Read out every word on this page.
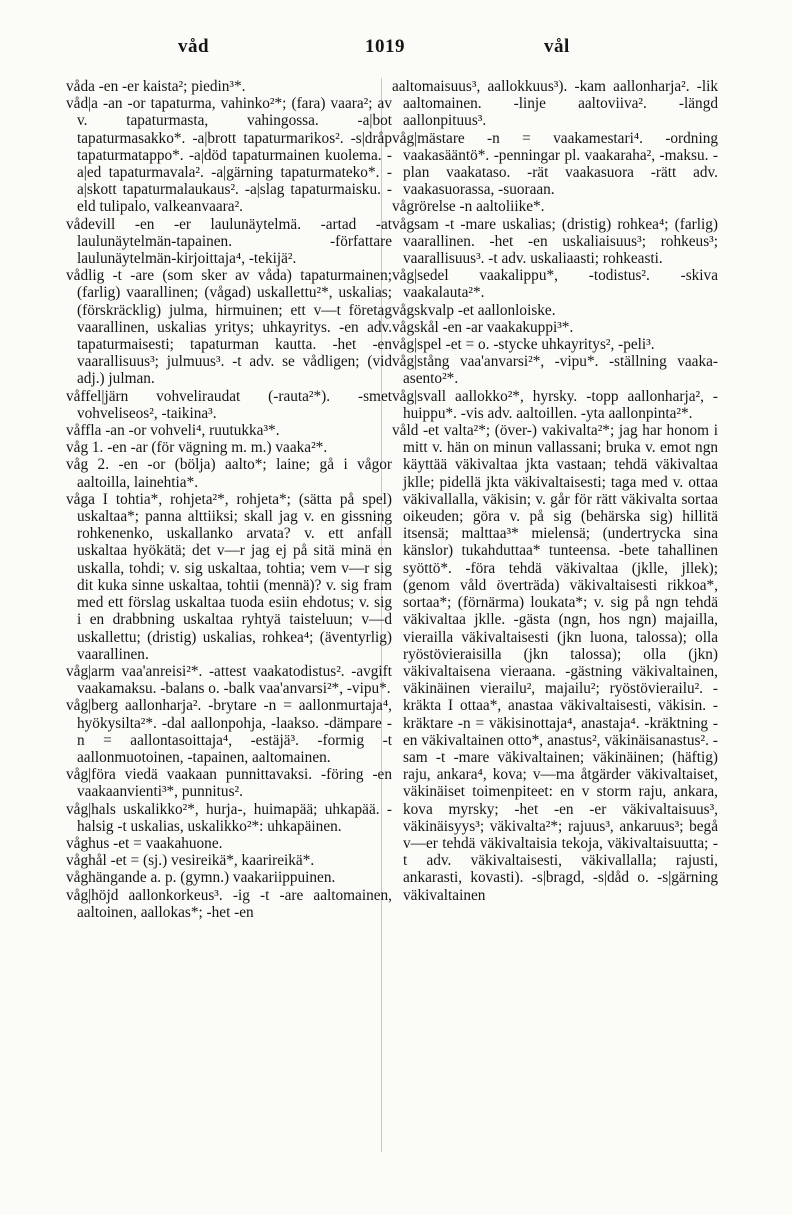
våd	1019	vål

våda -en -er kaista²; piedin³*.

våd|a -an -or tapaturma, vahinko²*; (fara) vaara²; av v. tapaturmasta, vahingossa. -a|bot tapaturmasakko*. -a|brott tapaturmarikos². -s|dråp tapaturmatappo*. -a|död tapaturmainen kuolema. -a|ed tapaturmavala². -a|gärning tapaturmateko*. -a|skott tapaturmalaukaus². -a|slag tapaturmaisku. -eld tulipalo, valkeanvaara².

vådevill -en -er laulunäytelmä. -artad -at laulunäytelmän-tapainen. -författare laulunäytelmän-kirjoittaja⁴, -tekijä².

vådlig -t -are (som sker av våda) tapaturmainen; (farlig) vaarallinen; (vågad) uskallettu²*, uskalias; (förskräcklig) julma, hirmuinen; ett v—t företag vaarallinen, uskalias yritys; uhkayritys. -en adv. tapaturmaisesti; tapaturman kautta. -het -en vaarallisuus³; julmuus³. -t adv. se vådligen; (vid adj.) julman.

våffel|järn vohveliraudat (-rauta²*). -smet vohveliseos², -taikina³.

våffla -an -or vohveli⁴, ruutukka³*.

våg 1. -en -ar (för vägning m. m.) vaaka²*.

våg 2. -en -or (bölja) aalto*; laine; gå i vågor aaltoilla, lainehtia*.

våga I tohtia*, rohjeta²*, rohjeta*; (sätta på spel) uskaltaa*; panna alttiiksi; skall jag v. en gissning rohkenenko, uskallanko arvata? v. ett anfall uskaltaa hyökätä; det v—r jag ej på sitä minä en uskalla, tohdi; v. sig uskaltaa, tohtia; vem v—r sig dit kuka sinne uskaltaa, tohtii (mennä)? v. sig fram med ett förslag uskaltaa tuoda esiin ehdotus; v. sig i en drabbning uskaltaa ryhtyä taisteluun; v—d uskallettu; (dristig) uskalias, rohkea⁴; (äventyrlig) vaarallinen.

våg|arm vaa'anreisi²*. -attest vaakatodistus². -avgift vaakamaksu. -balans o. -balk vaa'anvarsi²*, -vipu*.

våg|berg aallonharja². -brytare -n = aallonmurtaja⁴, hyökysilta²*. -dal aallonpohja, -laakso. -dämpare -n = aallontasoittaja⁴, -estäjä³. -formig -t aallonmuotoinen, -tapainen, aaltomainen.

våg|föra viedä vaakaan punnittavaksi. -föring -en vaakaanvienti³*, punnitus².

våg|hals uskalikko²*, hurja-, huimapää; uhkapää. -halsig -t uskalias, uskalikko²*: uhkapäinen.

våghus -et = vaakahuone.

våghål -et = (sj.) vesireikä*, kaarireikä*.

våghängande a. p. (gymn.) vaakariippuinen.

våg|höjd aallonkorkeus³. -ig -t -are aaltomainen, aaltoinen, aallokas*; -het -en

aaltomaisuus³, aallokkuus³). -kam aallonharja². -lik aaltomainen. -linje aaltoviiva². -längd aallonpituus³.

våg|mästare -n = vaakamestari⁴. -ordning vaakasääntö*. -penningar pl. vaakaraha², -maksu. -plan vaakataso. -rät vaakasuora -rätt adv. vaakasuorassa, -suoraan.

vågrörelse -n aaltoliike*.

vågsam -t -mare uskalias; (dristig) rohkea⁴; (farlig) vaarallinen. -het -en uskaliaisuus³; rohkeus³; vaarallisuus³. -t adv. uskaliaasti; rohkeasti.

våg|sedel vaakalippu*, -todistus². -skiva vaakalauta²*.

vågskvalp -et aallonloiske.

vågskål -en -ar vaakakuppi³*.

våg|spel -et = o. -stycke uhkayritys², -peli³.

våg|stång vaa'anvarsi²*, -vipu*. -ställning vaaka-asento²*.

våg|svall aallokko²*, hyrsky. -topp aallonharja², -huippu*. -vis adv. aaltoillen. -yta aallonpinta²*.

våld -et valta²*; (över-) vakivalta²*; jag har honom i mitt v. hän on minun vallassani; bruka v. emot ngn käyttää väkivaltaa jkta vastaan; tehdä väkivaltaa jklle; pidellä jkta väkivaltaisesti; taga med v. ottaa väkivallalla, väkisin; v. går för rätt väkivalta sortaa oikeuden; göra v. på sig (behärska sig) hillitä itsensä; malttaa³* mielensä; (undertrycka sina känslor) tukahduttaa* tunteensa. -bete tahallinen syöttö*. -föra tehdä väkivaltaa (jklle, jllek); (genom våld överträda) väkivaltaisesti rikkoa*, sortaa*; (förnärma) loukata*; v. sig på ngn tehdä väkivaltaa jklle. -gästa (ngn, hos ngn) majailla, vierailla väkivaltaisesti (jkn luona, talossa); olla ryöstövieraisilla (jkn talossa); olla (jkn) väkivaltaisena vieraana. -gästning väkivaltainen, väkinäinen vierailu², majailu²; ryöstövierailu². -kräkta I ottaa*, anastaa väkivaltaisesti, väkisin. -kräktare -n = väkisinottaja⁴, anastaja⁴. -kräktning -en väkivaltainen otto*, anastus², väkinäisanastus². -sam -t -mare väkivaltainen; väkinäinen; (häftig) raju, ankara⁴, kova; v—ma åtgärder väkivaltaiset, väkinäiset toimenpiteet: en v storm raju, ankara, kova myrsky; -het -en -er väkivaltaisuus³, väkinäisyys³; väkivalta²*; rajuus³, ankaruus³; begå v—er tehdä väkivaltaisia tekoja, väkivaltaisuutta; -t adv. väkivaltaisesti, väkivallalla; rajusti, ankarasti, kovasti). -s|bragd, -s|dåd o. -s|gärning väkivaltainen
